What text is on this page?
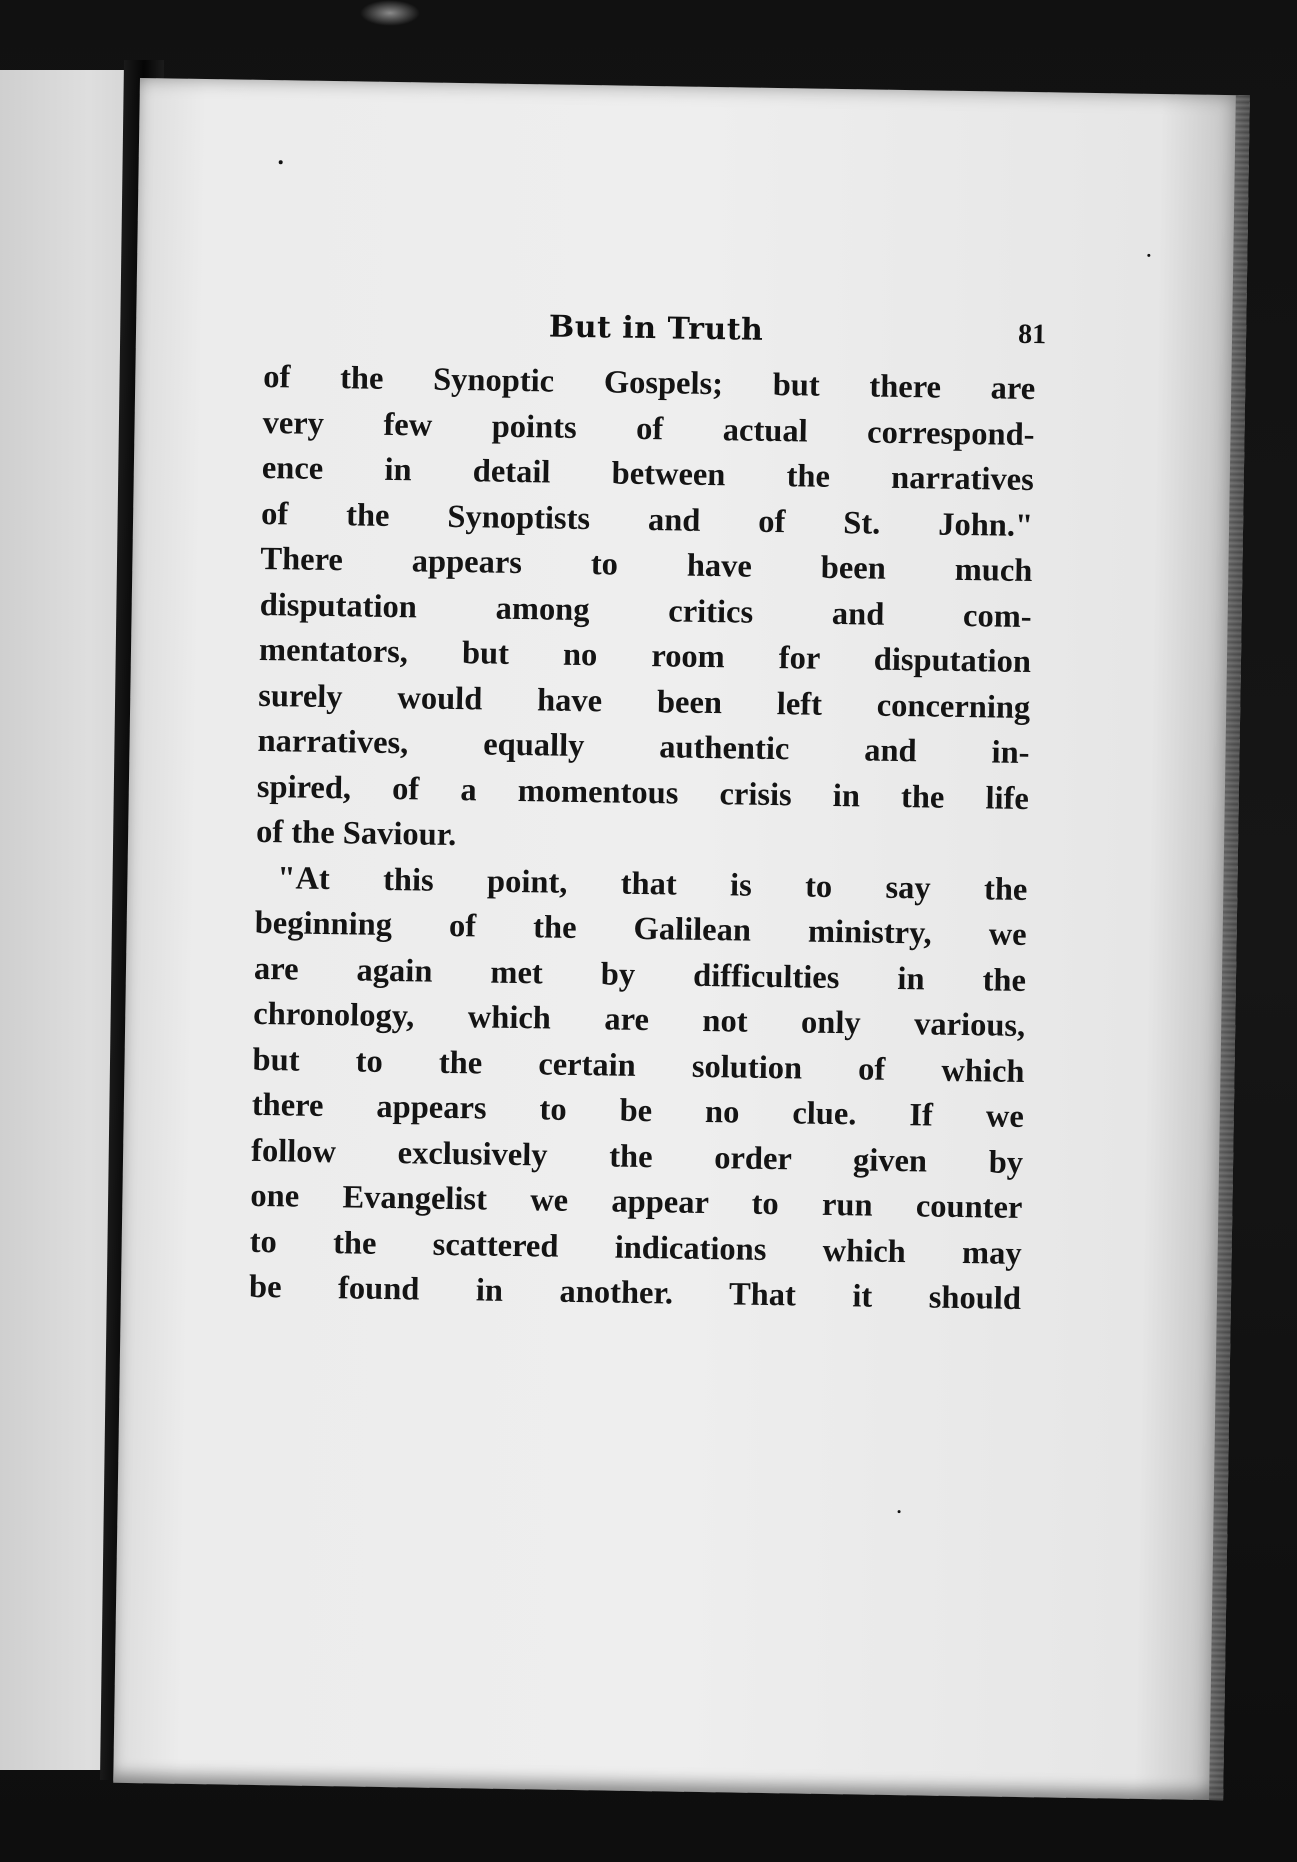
But in Truth	81
of the Synoptic Gospels; but there are
very few points of actual correspond-
ence in detail between the narratives
of the Synoptists and of St. John."
There appears to have been much
disputation among critics and com-
mentators, but no room for disputation
surely would have been left concerning
narratives, equally authentic and in-
spired, of a momentous crisis in the life
of the Saviour.
"At this point, that is to say the
beginning of the Galilean ministry, we
are again met by difficulties in the
chronology, which are not only various,
but to the certain solution of which
there appears to be no clue. If we
follow exclusively the order given by
one Evangelist we appear to run counter
to the scattered indications which may
be found in another. That it should
